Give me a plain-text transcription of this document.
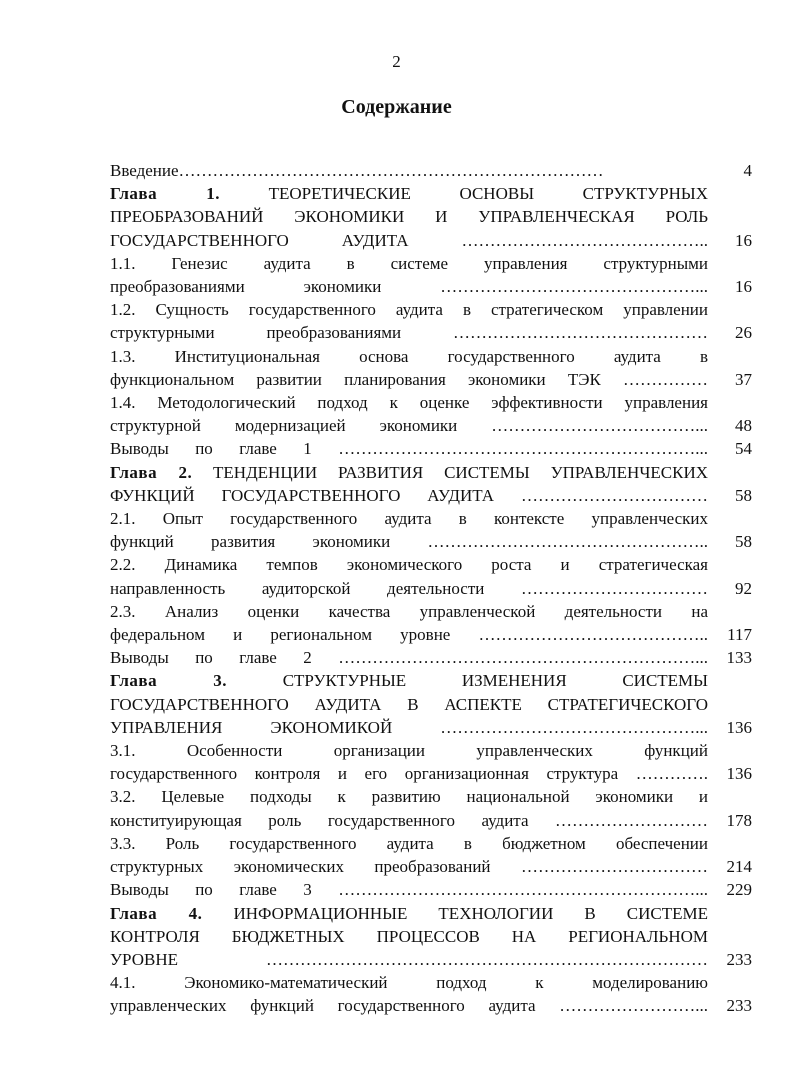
2
Содержание
Введение…………………………………………………………………	4
Глава 1.	ТЕОРЕТИЧЕСКИЕ ОСНОВЫ СТРУКТУРНЫХ
ПРЕОБРАЗОВАНИЙ ЭКОНОМИКИ И УПРАВЛЕНЧЕСКАЯ РОЛЬ
ГОСУДАРСТВЕННОГО АУДИТА ……………………………………..	16
1.1. Генезис аудита в системе управления структурными
преобразованиями экономики ………………………………………...	16
1.2. Сущность государственного аудита в стратегическом управлении
структурными преобразованиями ………………………………………	26
1.3. Институциональная основа государственного аудита в
функциональном развитии планирования экономики ТЭК ……………	37
1.4. Методологический подход к оценке эффективности управления
структурной модернизацией экономики ………………………………...	48
Выводы по главе 1 ………………………………………………………...	54
Глава 2. ТЕНДЕНЦИИ РАЗВИТИЯ СИСТЕМЫ УПРАВЛЕНЧЕСКИХ
ФУНКЦИЙ ГОСУДАРСТВЕННОГО АУДИТА ……………………………	58
2.1. Опыт государственного аудита в контексте управленческих
функций развития экономики …………………………………………..	58
2.2. Динамика темпов экономического роста и стратегическая
направленность аудиторской деятельности ……………………………	92
2.3. Анализ оценки качества управленческой деятельности на
федеральном и региональном уровне …………………………………..	117
Выводы по главе 2 ………………………………………………………...	133
Глава 3.	СТРУКТУРНЫЕ ИЗМЕНЕНИЯ СИСТЕМЫ
ГОСУДАРСТВЕННОГО АУДИТА В АСПЕКТЕ СТРАТЕГИЧЕСКОГО
УПРАВЛЕНИЯ ЭКОНОМИКОЙ ………………………………………...	136
3.1. Особенности организации управленческих функций
государственного контроля и его организационная структура ………….	136
3.2. Целевые подходы к развитию национальной экономики и
конституирующая роль государственного аудита ………………………	178
3.3. Роль государственного аудита в бюджетном обеспечении
структурных экономических преобразований ……………………………	214
Выводы по главе 3 ………………………………………………………...	229
Глава 4. ИНФОРМАЦИОННЫЕ ТЕХНОЛОГИИ В СИСТЕМЕ
КОНТРОЛЯ БЮДЖЕТНЫХ ПРОЦЕССОВ НА РЕГИОНАЛЬНОМ
УРОВНЕ ……………………………………………………………………	233
4.1. Экономико-математический подход к моделированию
управленческих функций государственного аудита ……………………...	233
